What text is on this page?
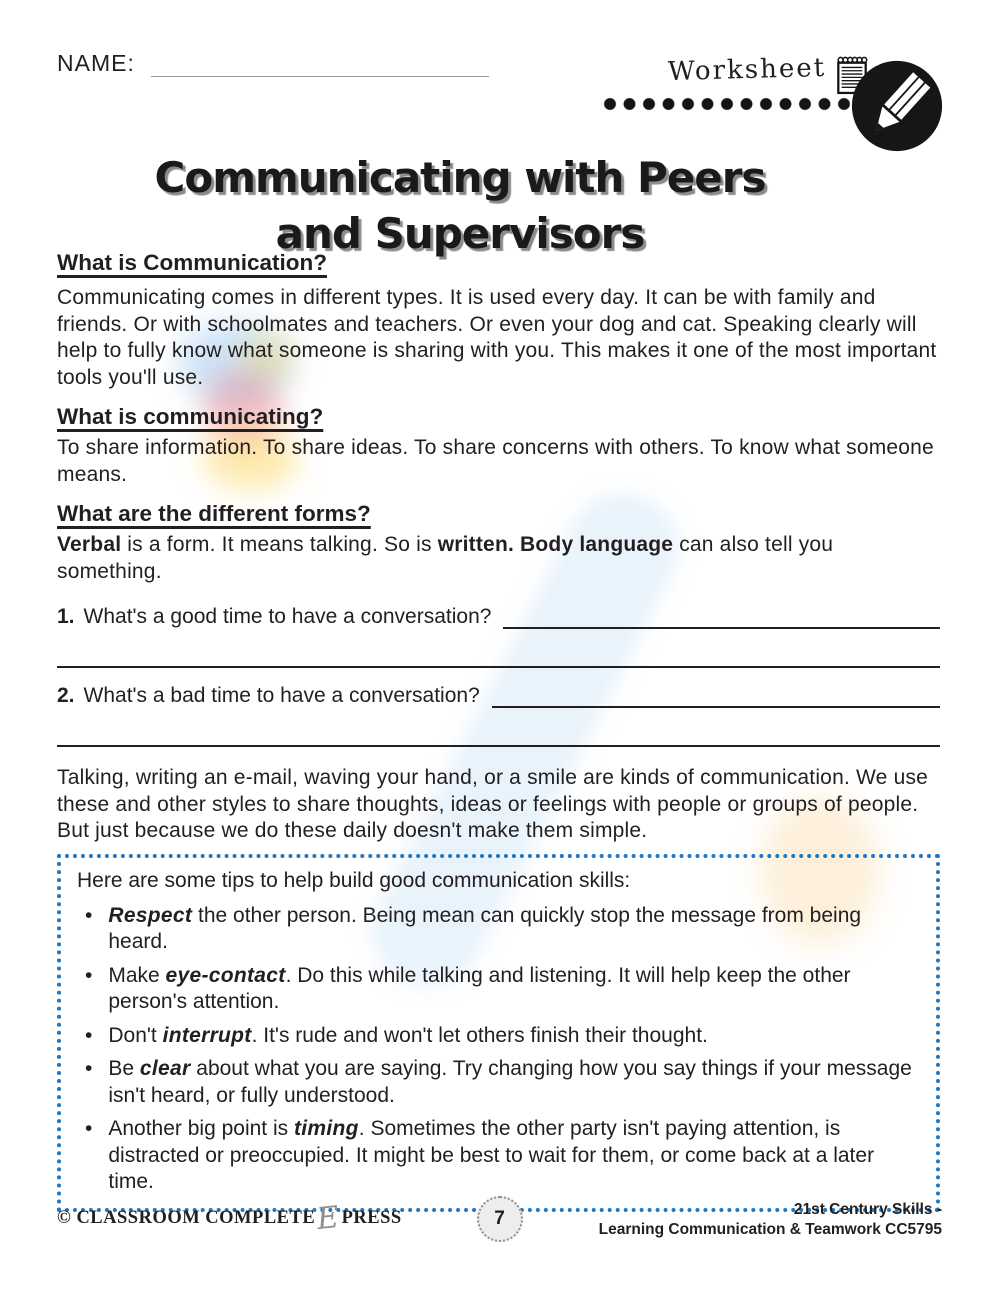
NAME:	Worksheet
Communicating with Peers
and Supervisors
What is Communication?

Communicating comes in different types. It is used every day. It can be with family and friends. Or with schoolmates and teachers. Or even your dog and cat. Speaking clearly will help to fully know what someone is sharing with you. This makes it one of the most important tools you'll use.

What is communicating?

To share information. To share ideas. To share concerns with others. To know what someone means.

What are the different forms?

Verbal is a form. It means talking. So is written. Body language can also tell you something.

1. What's a good time to have a conversation?
2. What's a bad time to have a conversation?

Talking, writing an e-mail, waving your hand, or a smile are kinds of communication. We use these and other styles to share thoughts, ideas or feelings with people or groups of people. But just because we do these daily doesn't make them simple.

Here are some tips to help build good communication skills:

• Respect the other person. Being mean can quickly stop the message from being heard.
• Make eye-contact. Do this while talking and listening. It will help keep the other person's attention.
• Don't interrupt. It's rude and won't let others finish their thought.
• Be clear about what you are saying. Try changing how you say things if your message isn't heard, or fully understood.
• Another big point is timing. Sometimes the other party isn't paying attention, is distracted or preoccupied. It might be best to wait for them, or come back at a later time.
© CLASSROOM COMPLETE E PRESS	7	21st Century Skills -
Learning Communication & Teamwork CC5795
